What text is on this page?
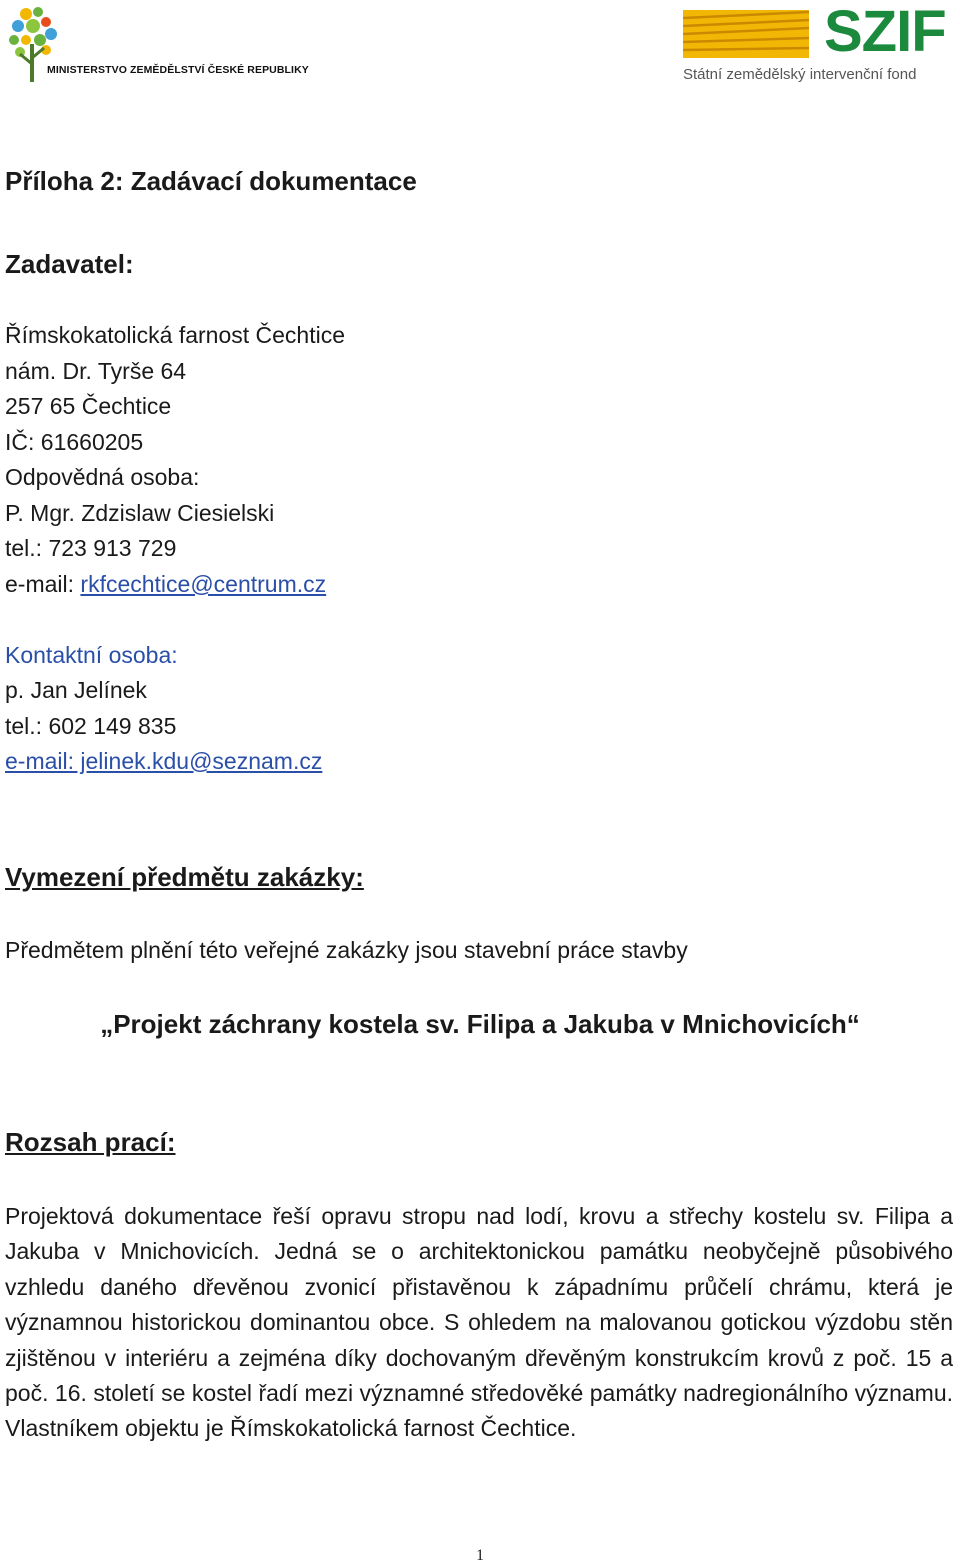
MINISTERSTVO ZEMĚDĚLSTVÍ ČESKÉ REPUBLIKY
SZIF
Státní zemědělský intervenční fond
Příloha 2: Zadávací dokumentace
Zadavatel:
Římskokatolická farnost Čechtice
nám. Dr. Tyrše 64
257 65 Čechtice
IČ: 61660205
Odpovědná osoba:
P. Mgr. Zdzislaw Ciesielski
tel.: 723 913 729
e-mail: rkfcechtice@centrum.cz
Kontaktní osoba:
p. Jan Jelínek
tel.: 602 149 835
e-mail: jelinek.kdu@seznam.cz
Vymezení předmětu zakázky:
Předmětem plnění této veřejné zakázky jsou stavební práce stavby
„Projekt záchrany kostela sv. Filipa a Jakuba v Mnichovicích“
Rozsah prací:
Projektová dokumentace řeší opravu stropu nad lodí, krovu a střechy kostelu sv. Filipa a Jakuba v Mnichovicích. Jedná se o architektonickou památku neobyčejně působivého vzhledu daného dřevěnou zvonicí přistavěnou k západnímu průčelí chrámu, která je významnou historickou dominantou obce. S ohledem na malovanou gotickou výzdobu stěn zjištěnou v interiéru a zejména díky dochovaným dřevěným konstrukcím krovů z poč. 15 a poč. 16. století se kostel řadí mezi významné středověké památky nadregionálního významu. Vlastníkem objektu je Římskokatolická farnost Čechtice.
1
